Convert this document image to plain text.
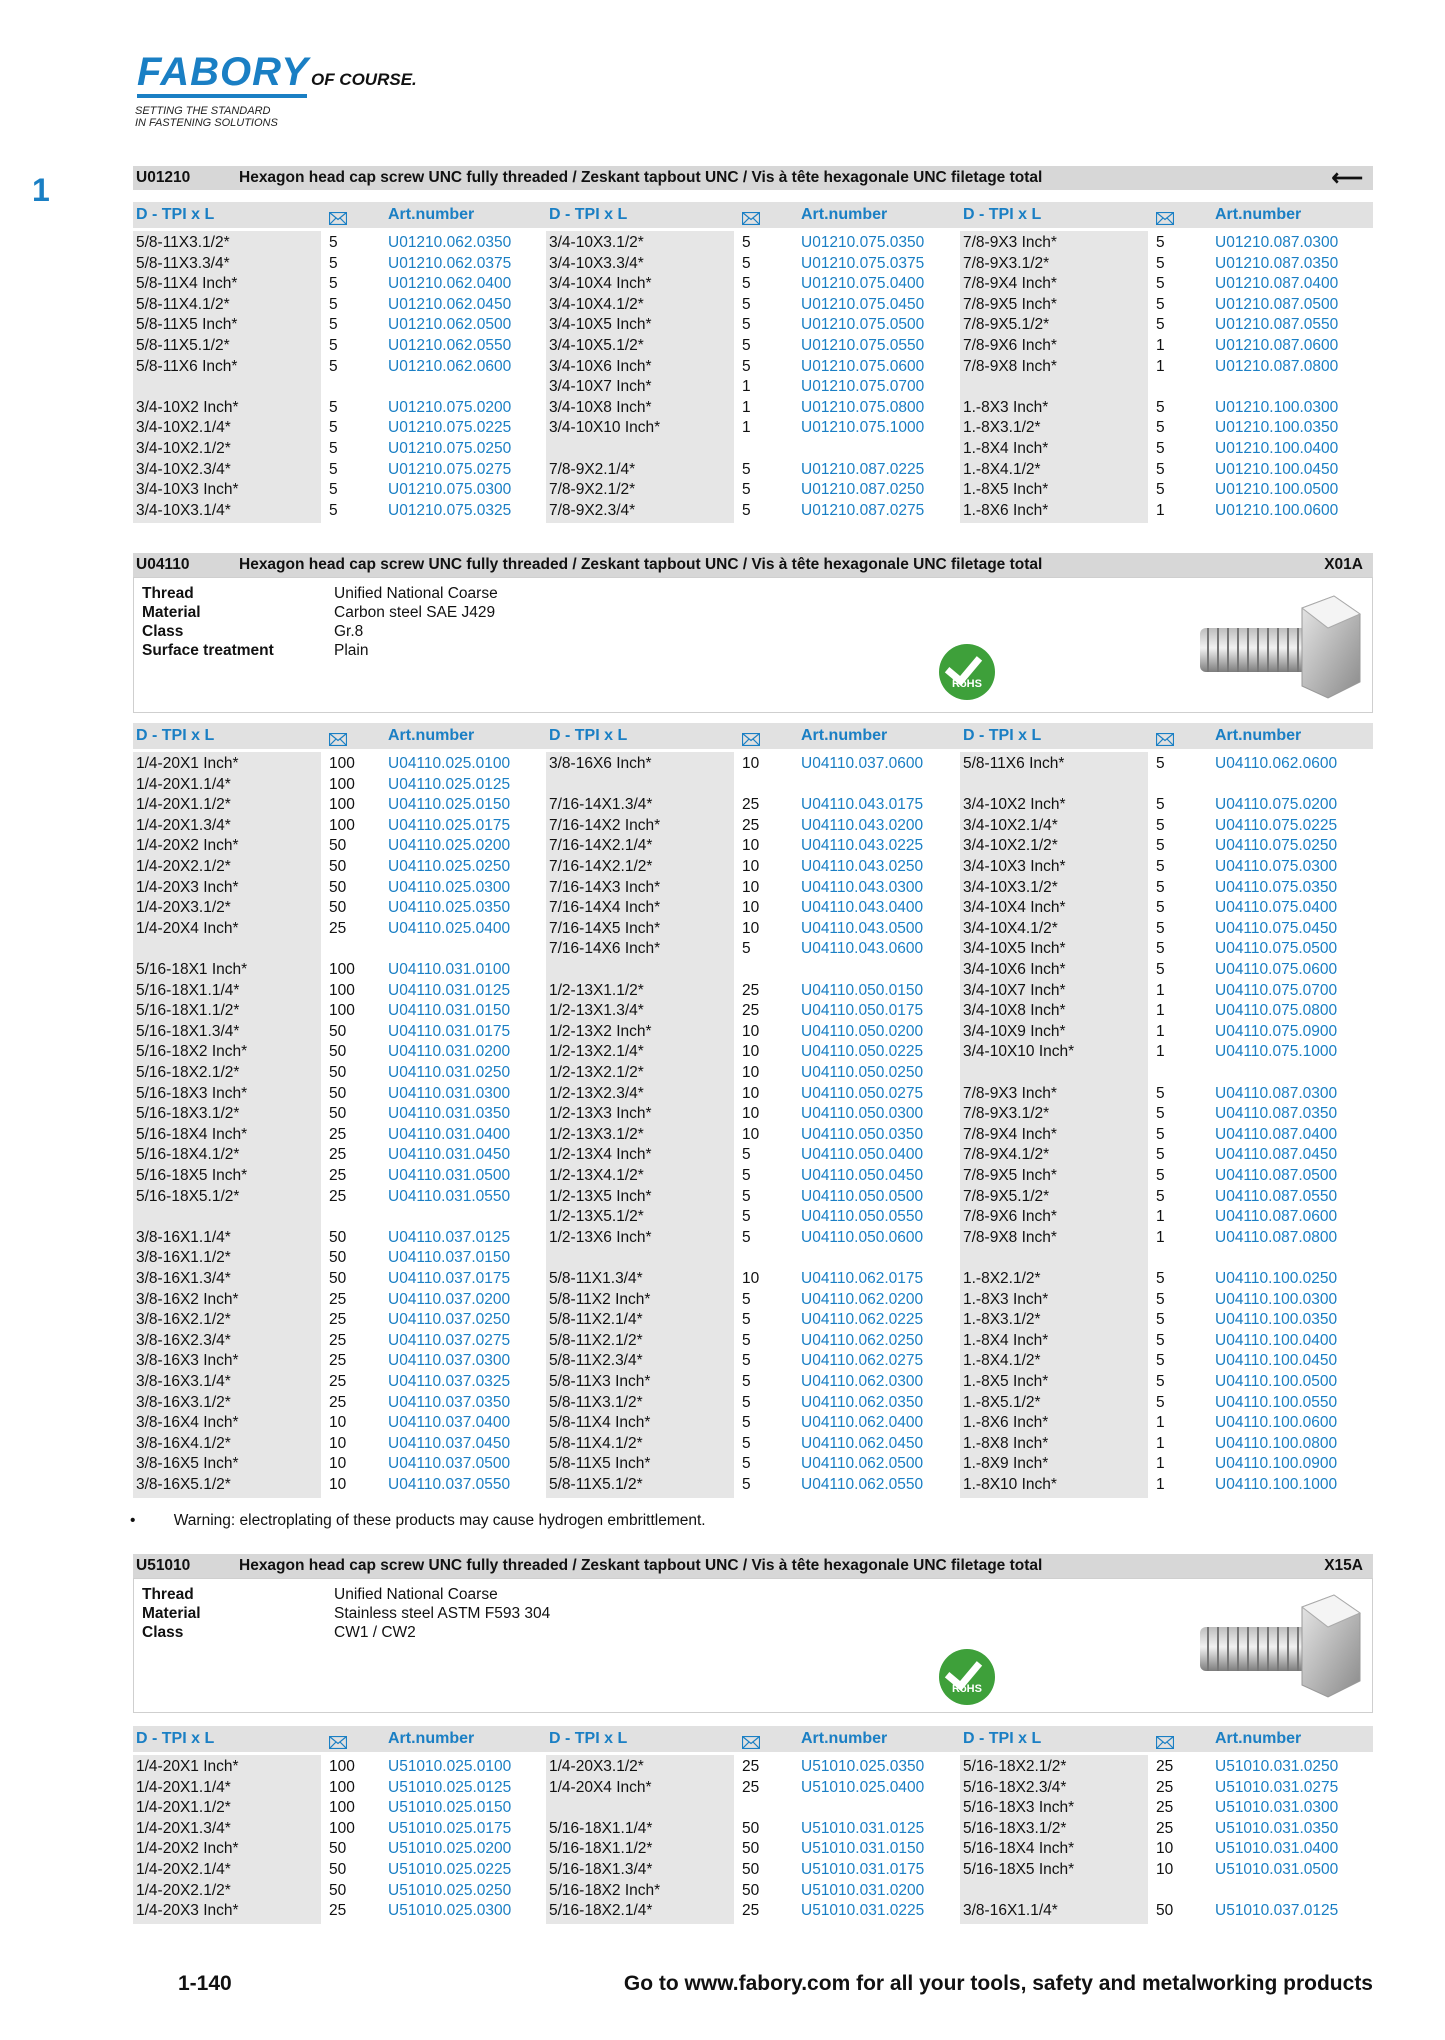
FABORY OF COURSE.
SETTING THE STANDARD
IN FASTENING SOLUTIONS
1	U01210	Hexagon head cap screw UNC fully threaded / Zeskant tapbout UNC / Vis à tête hexagonale UNC filetage total	⟵
D - TPI x L	Art.number	D - TPI x L	Art.number	D - TPI x L	Art.number
5/8-11X3.1/2*	5	U01210.062.0350
5/8-11X3.3/4*	5	U01210.062.0375
5/8-11X4 Inch*	5	U01210.062.0400
5/8-11X4.1/2*	5	U01210.062.0450
5/8-11X5 Inch*	5	U01210.062.0500
5/8-11X5.1/2*	5	U01210.062.0550
5/8-11X6 Inch*	5	U01210.062.0600
3/4-10X2 Inch*	5	U01210.075.0200
3/4-10X2.1/4*	5	U01210.075.0225
3/4-10X2.1/2*	5	U01210.075.0250
3/4-10X2.3/4*	5	U01210.075.0275
3/4-10X3 Inch*	5	U01210.075.0300
3/4-10X3.1/4*	5	U01210.075.0325
3/4-10X3.1/2*	5	U01210.075.0350
3/4-10X3.3/4*	5	U01210.075.0375
3/4-10X4 Inch*	5	U01210.075.0400
3/4-10X4.1/2*	5	U01210.075.0450
3/4-10X5 Inch*	5	U01210.075.0500
3/4-10X5.1/2*	5	U01210.075.0550
3/4-10X6 Inch*	5	U01210.075.0600
3/4-10X7 Inch*	1	U01210.075.0700
3/4-10X8 Inch*	1	U01210.075.0800
3/4-10X10 Inch*	1	U01210.075.1000
7/8-9X2.1/4*	5	U01210.087.0225
7/8-9X2.1/2*	5	U01210.087.0250
7/8-9X2.3/4*	5	U01210.087.0275
7/8-9X3 Inch*	5	U01210.087.0300
7/8-9X3.1/2*	5	U01210.087.0350
7/8-9X4 Inch*	5	U01210.087.0400
7/8-9X5 Inch*	5	U01210.087.0500
7/8-9X5.1/2*	5	U01210.087.0550
7/8-9X6 Inch*	1	U01210.087.0600
7/8-9X8 Inch*	1	U01210.087.0800
1.-8X3 Inch*	5	U01210.100.0300
1.-8X3.1/2*	5	U01210.100.0350
1.-8X4 Inch*	5	U01210.100.0400
1.-8X4.1/2*	5	U01210.100.0450
1.-8X5 Inch*	5	U01210.100.0500
1.-8X6 Inch*	1	U01210.100.0600
U04110	Hexagon head cap screw UNC fully threaded / Zeskant tapbout UNC / Vis à tête hexagonale UNC filetage total	X01A
Thread	Unified National Coarse
Material	Carbon steel SAE J429
Class	Gr.8
Surface treatment	Plain
RoHS
D - TPI x L	Art.number	D - TPI x L	Art.number	D - TPI x L	Art.number
1/4-20X1 Inch*	100 U04110.025.0100
1/4-20X1.1/4*	100 U04110.025.0125
1/4-20X1.1/2*	100 U04110.025.0150
1/4-20X1.3/4*	100 U04110.025.0175
1/4-20X2 Inch*	50	U04110.025.0200
1/4-20X2.1/2*	50	U04110.025.0250
1/4-20X3 Inch*	50	U04110.025.0300
1/4-20X3.1/2*	50	U04110.025.0350
1/4-20X4 Inch*	25	U04110.025.0400
5/16-18X1 Inch*	100 U04110.031.0100
5/16-18X1.1/4*	100 U04110.031.0125
5/16-18X1.1/2*	100 U04110.031.0150
5/16-18X1.3/4*	50	U04110.031.0175
5/16-18X2 Inch*	50	U04110.031.0200
5/16-18X2.1/2*	50	U04110.031.0250
5/16-18X3 Inch*	50	U04110.031.0300
5/16-18X3.1/2*	50	U04110.031.0350
5/16-18X4 Inch*	25	U04110.031.0400
5/16-18X4.1/2*	25	U04110.031.0450
5/16-18X5 Inch*	25	U04110.031.0500
5/16-18X5.1/2*	25	U04110.031.0550
3/8-16X1.1/4*	50	U04110.037.0125
3/8-16X1.1/2*	50	U04110.037.0150
3/8-16X1.3/4*	50	U04110.037.0175
3/8-16X2 Inch*	25	U04110.037.0200
3/8-16X2.1/2*	25	U04110.037.0250
3/8-16X2.3/4*	25	U04110.037.0275
3/8-16X3 Inch*	25	U04110.037.0300
3/8-16X3.1/4*	25	U04110.037.0325
3/8-16X3.1/2*	25	U04110.037.0350
3/8-16X4 Inch*	10	U04110.037.0400
3/8-16X4.1/2*	10	U04110.037.0450
3/8-16X5 Inch*	10	U04110.037.0500
3/8-16X5.1/2*	10	U04110.037.0550
3/8-16X6 Inch*	10	U04110.037.0600
7/16-14X1.3/4*	25	U04110.043.0175
7/16-14X2 Inch*	25	U04110.043.0200
7/16-14X2.1/4*	10	U04110.043.0225
7/16-14X2.1/2*	10	U04110.043.0250
7/16-14X3 Inch*	10	U04110.043.0300
7/16-14X4 Inch*	10	U04110.043.0400
7/16-14X5 Inch*	10	U04110.043.0500
7/16-14X6 Inch*	5	U04110.043.0600
1/2-13X1.1/2*	25	U04110.050.0150
1/2-13X1.3/4*	25	U04110.050.0175
1/2-13X2 Inch*	10	U04110.050.0200
1/2-13X2.1/4*	10	U04110.050.0225
1/2-13X2.1/2*	10	U04110.050.0250
1/2-13X2.3/4*	10	U04110.050.0275
1/2-13X3 Inch*	10	U04110.050.0300
1/2-13X3.1/2*	10	U04110.050.0350
1/2-13X4 Inch*	5	U04110.050.0400
1/2-13X4.1/2*	5	U04110.050.0450
1/2-13X5 Inch*	5	U04110.050.0500
1/2-13X5.1/2*	5	U04110.050.0550
1/2-13X6 Inch*	5	U04110.050.0600
5/8-11X1.3/4*	10	U04110.062.0175
5/8-11X2 Inch*	5	U04110.062.0200
5/8-11X2.1/4*	5	U04110.062.0225
5/8-11X2.1/2*	5	U04110.062.0250
5/8-11X2.3/4*	5	U04110.062.0275
5/8-11X3 Inch*	5	U04110.062.0300
5/8-11X3.1/2*	5	U04110.062.0350
5/8-11X4 Inch*	5	U04110.062.0400
5/8-11X4.1/2*	5	U04110.062.0450
5/8-11X5 Inch*	5	U04110.062.0500
5/8-11X5.1/2*	5	U04110.062.0550
5/8-11X6 Inch*	5	U04110.062.0600
3/4-10X2 Inch*	5	U04110.075.0200
3/4-10X2.1/4*	5	U04110.075.0225
3/4-10X2.1/2*	5	U04110.075.0250
3/4-10X3 Inch*	5	U04110.075.0300
3/4-10X3.1/2*	5	U04110.075.0350
3/4-10X4 Inch*	5	U04110.075.0400
3/4-10X4.1/2*	5	U04110.075.0450
3/4-10X5 Inch*	5	U04110.075.0500
3/4-10X6 Inch*	5	U04110.075.0600
3/4-10X7 Inch*	1	U04110.075.0700
3/4-10X8 Inch*	1	U04110.075.0800
3/4-10X9 Inch*	1	U04110.075.0900
3/4-10X10 Inch*	1	U04110.075.1000
7/8-9X3 Inch*	5	U04110.087.0300
7/8-9X3.1/2*	5	U04110.087.0350
7/8-9X4 Inch*	5	U04110.087.0400
7/8-9X4.1/2*	5	U04110.087.0450
7/8-9X5 Inch*	5	U04110.087.0500
7/8-9X5.1/2*	5	U04110.087.0550
7/8-9X6 Inch*	1	U04110.087.0600
7/8-9X8 Inch*	1	U04110.087.0800
1.-8X2.1/2*	5	U04110.100.0250
1.-8X3 Inch*	5	U04110.100.0300
1.-8X3.1/2*	5	U04110.100.0350
1.-8X4 Inch*	5	U04110.100.0400
1.-8X4.1/2*	5	U04110.100.0450
1.-8X5 Inch*	5	U04110.100.0500
1.-8X5.1/2*	5	U04110.100.0550
1.-8X6 Inch*	1	U04110.100.0600
1.-8X8 Inch*	1	U04110.100.0800
1.-8X9 Inch*	1	U04110.100.0900
1.-8X10 Inch*	1	U04110.100.1000
• Warning: electroplating of these products may cause hydrogen embrittlement.
U51010	Hexagon head cap screw UNC fully threaded / Zeskant tapbout UNC / Vis à tête hexagonale UNC filetage total	X15A
Thread	Unified National Coarse
Material	Stainless steel ASTM F593 304
Class	CW1 / CW2
RoHS
D - TPI x L	Art.number	D - TPI x L	Art.number	D - TPI x L	Art.number
1/4-20X1 Inch*	100 U51010.025.0100
1/4-20X1.1/4*	100 U51010.025.0125
1/4-20X1.1/2*	100 U51010.025.0150
1/4-20X1.3/4*	100 U51010.025.0175
1/4-20X2 Inch*	50	U51010.025.0200
1/4-20X2.1/4*	50	U51010.025.0225
1/4-20X2.1/2*	50	U51010.025.0250
1/4-20X3 Inch*	25	U51010.025.0300
1/4-20X3.1/2*	25	U51010.025.0350
1/4-20X4 Inch*	25	U51010.025.0400
5/16-18X1.1/4*	50	U51010.031.0125
5/16-18X1.1/2*	50	U51010.031.0150
5/16-18X1.3/4*	50	U51010.031.0175
5/16-18X2 Inch*	50	U51010.031.0200
5/16-18X2.1/4*	25	U51010.031.0225
5/16-18X2.1/2*	25	U51010.031.0250
5/16-18X2.3/4*	25	U51010.031.0275
5/16-18X3 Inch*	25	U51010.031.0300
5/16-18X3.1/2*	25	U51010.031.0350
5/16-18X4 Inch*	10	U51010.031.0400
5/16-18X5 Inch*	10	U51010.031.0500
3/8-16X1.1/4*	50	U51010.037.0125
1-140	Go to www.fabory.com for all your tools, safety and metalworking products
